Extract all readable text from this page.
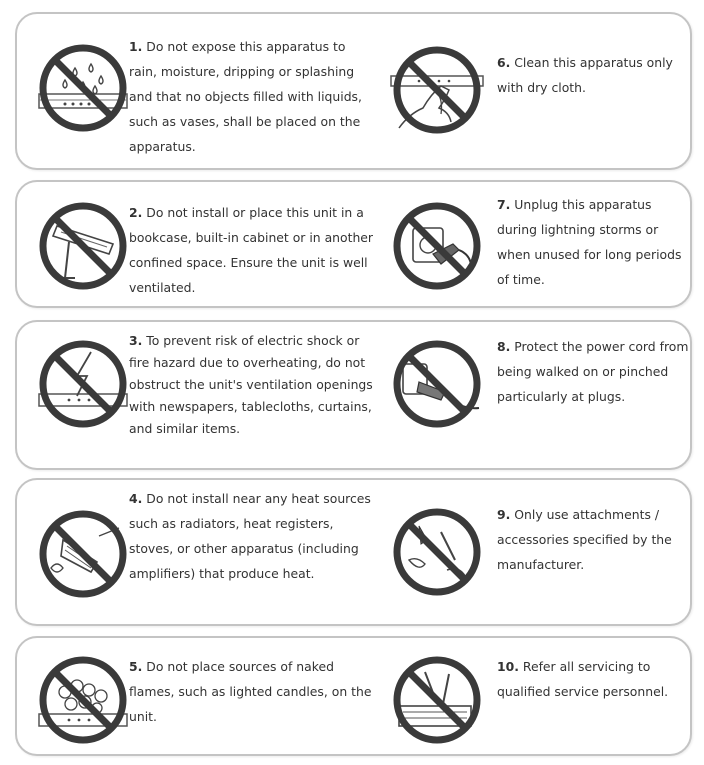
1. Do not expose this apparatus to rain, moisture, dripping or splashing and that no objects filled with liquids, such as vases, shall be placed on the apparatus.
6. Clean this apparatus only with dry cloth.
2. Do not install or place this unit in a bookcase, built-in cabinet or in another confined space. Ensure the unit is well ventilated.
7. Unplug this apparatus during lightning storms or when unused for long periods of time.
3. To prevent risk of electric shock or fire hazard due to overheating, do not obstruct the unit's ventilation openings with newspapers, tablecloths, curtains, and similar items.
8. Protect the power cord from being walked on or pinched particularly at plugs.
4. Do not install near any heat sources such as radiators, heat registers, stoves, or other apparatus (including amplifiers) that produce heat.
9. Only use attachments / accessories specified by the manufacturer.
5. Do not place sources of naked flames, such as lighted candles, on the unit.
10. Refer all servicing to qualified service personnel.
